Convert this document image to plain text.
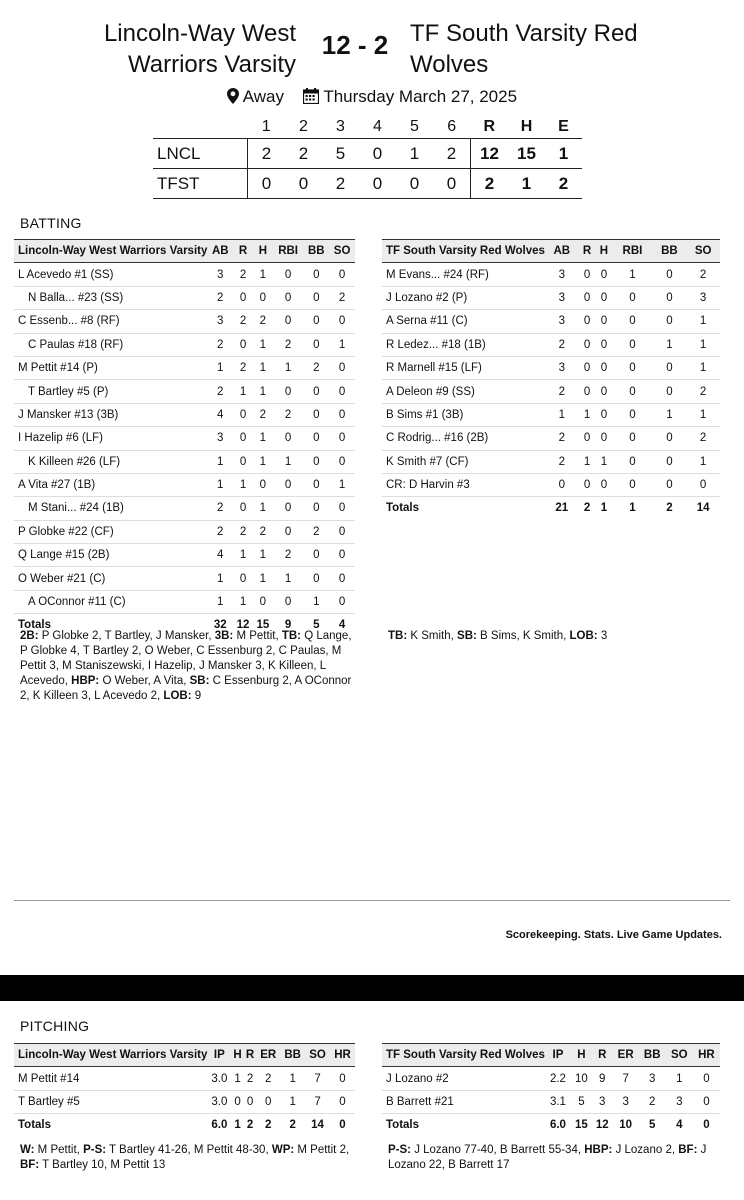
Lincoln-Way West Warriors Varsity
12 - 2 TF South Varsity Red Wolves
Away Thursday March 27, 2025
	1	2	3	4	5	6	R	H	E
LNCL	2	2	5	0	1	2	12	15	1
TFST	0	0	2	0	0	0	2	1	2
BATTING
Lincoln-Way West Warriors Varsity	AB	R	H	RBI	BB	SO
L Acevedo #1 (SS)	3	2	1	0	0	0
N Balla... #23 (SS)	2	0	0	0	0	2
C Essenb... #8 (RF)	3	2	2	0	0	0
C Paulas #18 (RF)	2	0	1	2	0	1
M Pettit #14 (P)	1	2	1	1	2	0
T Bartley #5 (P)	2	1	1	0	0	0
J Mansker #13 (3B)	4	0	2	2	0	0
I Hazelip #6 (LF)	3	0	1	0	0	0
K Killeen #26 (LF)	1	0	1	1	0	0
A Vita #27 (1B)	1	1	0	0	0	1
M Stani... #24 (1B)	2	0	1	0	0	0
P Globke #22 (CF)	2	2	2	0	2	0
Q Lange #15 (2B)	4	1	1	2	0	0
O Weber #21 (C)	1	0	1	1	0	0
A OConnor #11 (C)	1	1	0	0	1	0
Totals	32	12	15	9	5	4
TF South Varsity Red Wolves	AB	R	H	RBI	BB	SO
M Evans... #24 (RF)	3	0	0	1	0	2
J Lozano #2 (P)	3	0	0	0	0	3
A Serna #11 (C)	3	0	0	0	0	1
R Ledez... #18 (1B)	2	0	0	0	1	1
R Marnell #15 (LF)	3	0	0	0	0	1
A Deleon #9 (SS)	2	0	0	0	0	2
B Sims #1 (3B)	1	1	0	0	1	1
C Rodrig... #16 (2B)	2	0	0	0	0	2
K Smith #7 (CF)	2	1	1	0	0	1
CR: D Harvin #3	0	0	0	0	0	0
Totals	21	2	1	1	2	14
2B: P Globke 2, T Bartley, J Mansker, 3B: M Pettit, TB: Q Lange, P Globke 4, T Bartley 2, O Weber, C Essenburg 2, C Paulas, M Pettit 3, M Staniszewski, I Hazelip, J Mansker 3, K Killeen, L Acevedo, HBP: O Weber, A Vita, SB: C Essenburg 2, A OConnor 2, K Killeen 3, L Acevedo 2, LOB: 9
TB: K Smith, SB: B Sims, K Smith, LOB: 3
Scorekeeping. Stats. Live Game Updates.
PITCHING
Lincoln-Way West Warriors Varsity	IP	H	R	ER	BB	SO	HR
M Pettit #14	3.0	1	2	2	1	7	0
T Bartley #5	3.0	0	0	0	1	7	0
Totals	6.0	1	2	2	2	14	0
TF South Varsity Red Wolves	IP	H	R	ER	BB	SO	HR
J Lozano #2	2.2	10	9	7	3	1	0
B Barrett #21	3.1	5	3	3	2	3	0
Totals	6.0	15	12	10	5	4	0
W: M Pettit, P-S: T Bartley 41-26, M Pettit 48-30, WP: M Pettit 2, BF: T Bartley 10, M Pettit 13
P-S: J Lozano 77-40, B Barrett 55-34, HBP: J Lozano 2, BF: J Lozano 22, B Barrett 17
